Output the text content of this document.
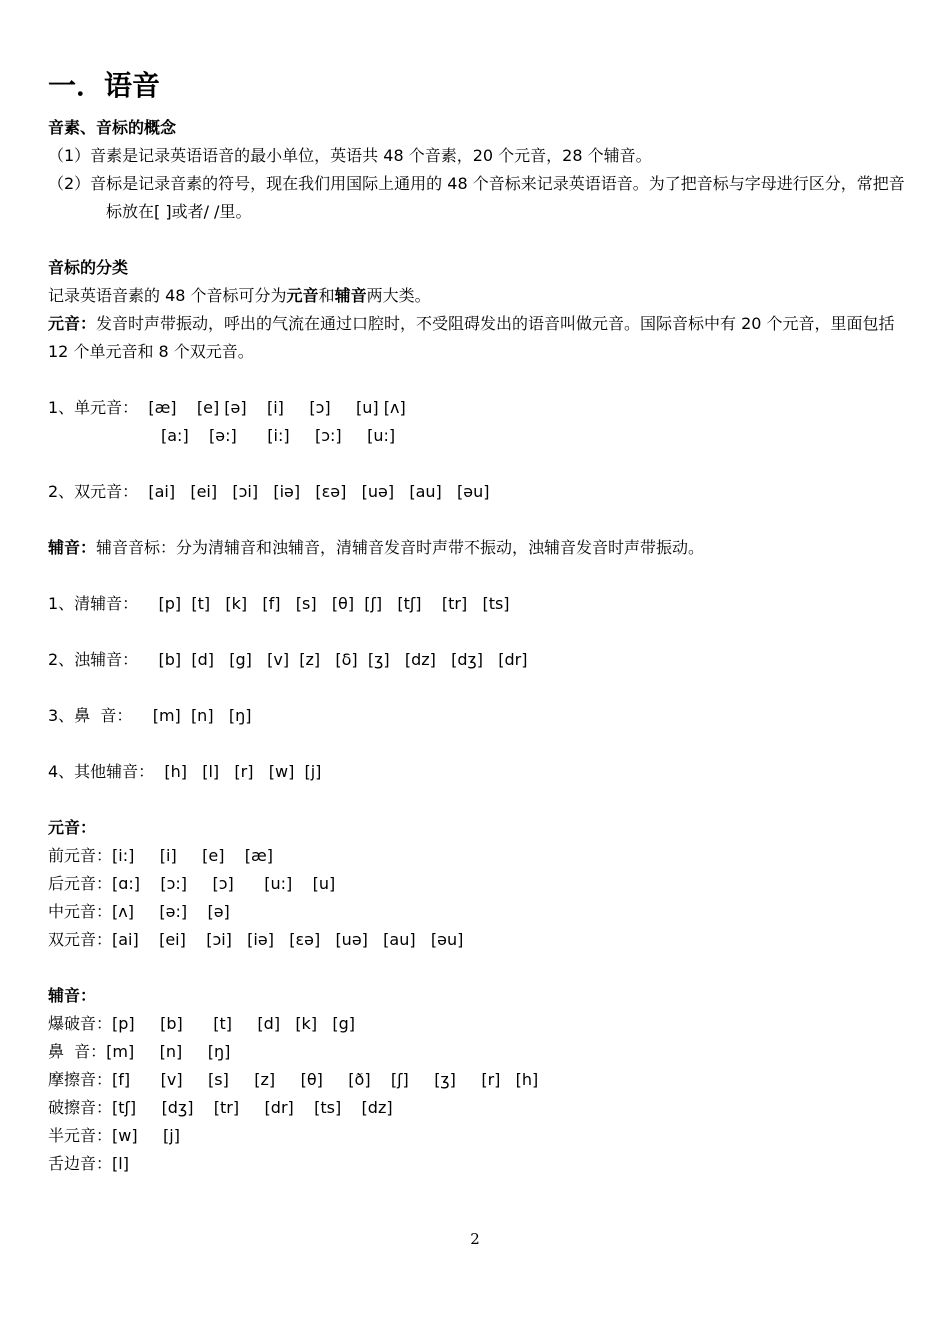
一．语音

音素、音标的概念

（1）音素是记录英语语音的最小单位，英语共 48 个音素，20 个元音，28 个辅音。

（2）音标是记录音素的符号，现在我们用国际上通用的 48 个音标来记录英语语音。为了把音标与字母进行区分，常把音标放在[ ]或者/ /里。

音标的分类

记录英语音素的 48 个音标可分为元音和辅音两大类。

元音：发音时声带振动，呼出的气流在通过口腔时，不受阻碍发出的语音叫做元音。国际音标中有 20 个元音，里面包括 12 个单元音和 8 个双元音。

1、单元音：  [æ]    [e] [ə]    [i]     [ɔ]     [u] [ʌ]

[a:]    [ə:]      [i:]     [ɔ:]     [u:]

2、双元音：  [ai]   [ei]   [ɔi]   [iə]   [εə]   [uə]   [au]   [əu]

辅音：辅音音标：分为清辅音和浊辅音，清辅音发音时声带不振动，浊辅音发音时声带振动。

1、清辅音：    [p]  [t]   [k]   [f]   [s]   [θ]  [ʃ]   [tʃ]    [tr]   [ts]

2、浊辅音：    [b]  [d]   [g]   [v]  [z]   [δ]  [ʒ]   [dz]   [dʒ]   [dr]

3、鼻  音：    [m]  [n]   [ŋ]

4、其他辅音：  [h]   [l]   [r]   [w]  [j]

元音：

前元音：[i:]     [i]     [e]    [æ]

后元音：[ɑ:]    [ɔ:]     [ɔ]      [u:]    [u]

中元音：[ʌ]     [ə:]    [ə]

双元音：[ai]    [ei]    [ɔi]   [iə]   [εə]   [uə]   [au]   [əu]

辅音：

爆破音：[p]     [b]      [t]     [d]   [k]   [g]

鼻  音：[m]     [n]     [ŋ]

摩擦音：[f]      [v]     [s]     [z]     [θ]     [ð]    [ʃ]     [ʒ]     [r]   [h]

破擦音：[tʃ]     [dʒ]    [tr]     [dr]    [ts]    [dz]

半元音：[w]     [j]

舌边音：[l]

2
